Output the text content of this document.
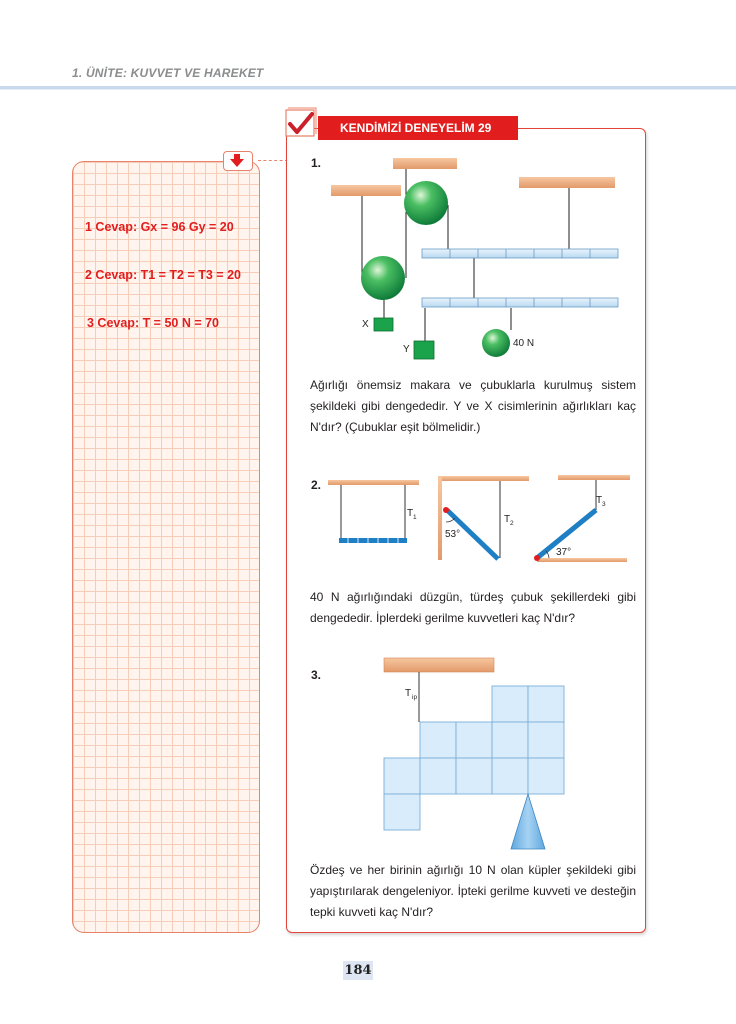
1. ÜNİTE: KUVVET VE HAREKET
1 Cevap: Gx = 96 Gy = 20
2 Cevap: T1 = T2 = T3 = 20
3 Cevap: T = 50 N = 70
KENDİMİZİ DENEYELİM 29
1.
X
Y
40 N
Ağırlığı önemsiz makara ve çubuklarla kurulmuş sistem şekildeki gibi dengededir. Y ve X cisimlerinin ağırlıkları kaç N'dır? (Çubuklar eşit bölmelidir.)
2.
T 1
53°
T 2
37°
T 3
40 N ağırlığındaki düzgün, türdeş çubuk şekillerdeki gibi dengededir. İplerdeki gerilme kuvvetleri kaç N'dır?
3.
T ip
Özdeş ve her birinin ağırlığı 10 N olan küpler şekildeki gibi yapıştırılarak dengeleniyor. İpteki gerilme kuvveti ve desteğin tepki kuvveti kaç N'dır?
184
